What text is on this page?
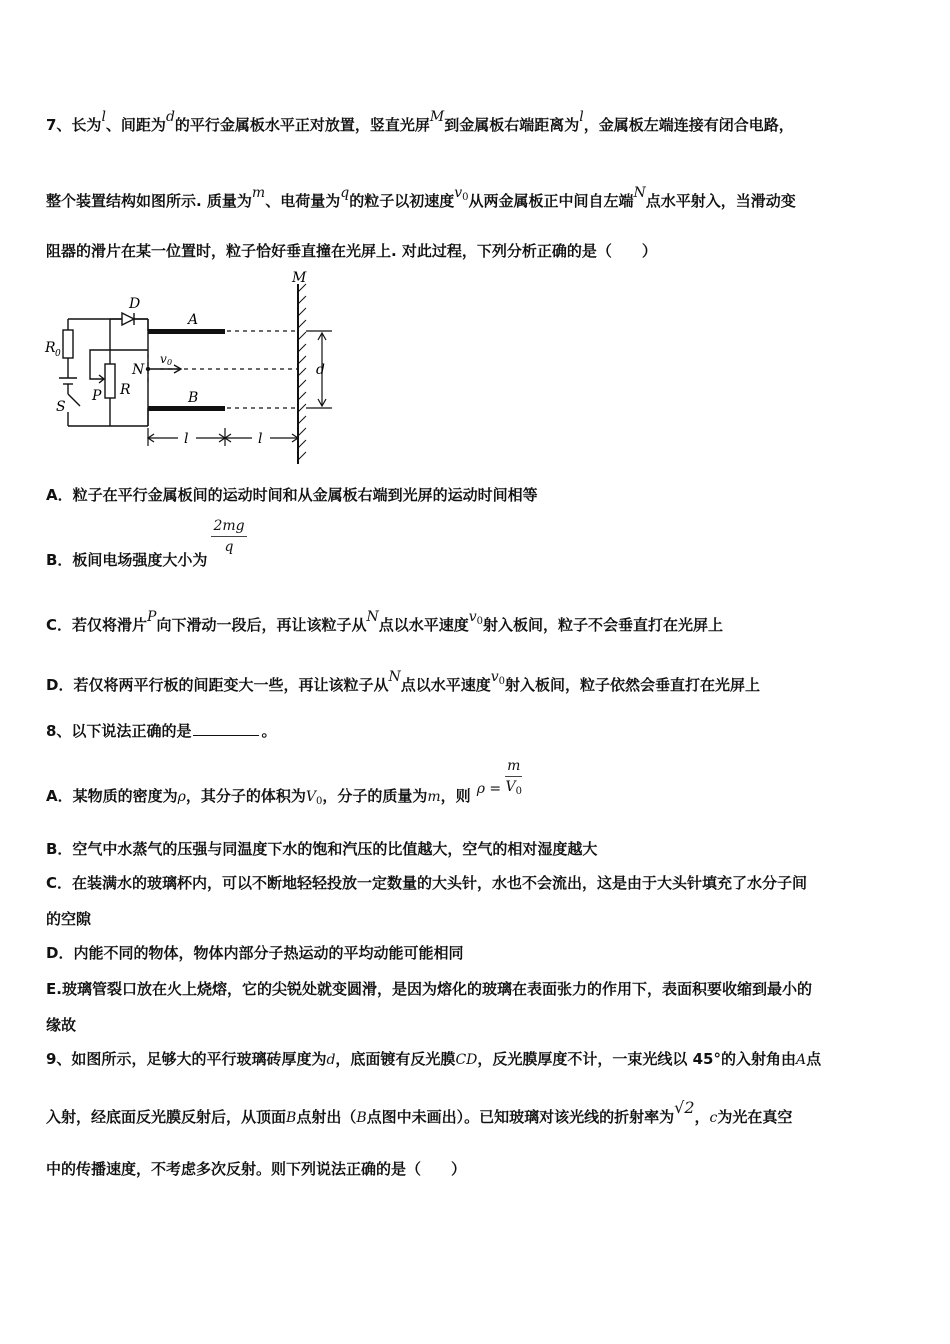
7、长为l、间距为d的平行金属板水平正对放置，竖直光屏M到金属板右端距离为l，金属板左端连接有闭合电路，
整个装置结构如图所示. 质量为m、电荷量为q的粒子以初速度$v_0$从两金属板正中间自左端N点水平射入，当滑动变
阻器的滑片在某一位置时，粒子恰好垂直撞在光屏上. 对此过程，下列分析正确的是（　　）
M
D
A
B
R 0
N
v 0
P R
S
d
l	l
A．粒子在平行金属板间的运动时间和从金属板右端到光屏的运动时间相等
B．板间电场强度大小为
$\frac{2mg}{q}$
C．若仅将滑片P向下滑动一段后，再让该粒子从N点以水平速度$v_0$射入板间，粒子不会垂直打在光屏上
D．若仅将两平行板的间距变大一些，再让该粒子从N点以水平速度$v_0$射入板间，粒子依然会垂直打在光屏上
8、以下说法正确的是	。
A．某物质的密度为ρ，其分子的体积为$V_0$，分子的质量为m，则 $\rho = \frac{m}{V_0}$
B．空气中水蒸气的压强与同温度下水的饱和汽压的比值越大，空气的相对湿度越大
C．在装满水的玻璃杯内，可以不断地轻轻投放一定数量的大头针，水也不会流出，这是由于大头针填充了水分子间
的空隙
D．内能不同的物体，物体内部分子热运动的平均动能可能相同
E.玻璃管裂口放在火上烧熔，它的尖锐处就变圆滑，是因为熔化的玻璃在表面张力的作用下，表面积要收缩到最小的
缘故
9、如图所示，足够大的平行玻璃砖厚度为d，底面镀有反光膜CD，反光膜厚度不计，一束光线以 45°的入射角由A点
入射，经底面反光膜反射后，从顶面B点射出（B点图中未画出）。已知玻璃对该光线的折射率为√2，c为光在真空
中的传播速度，不考虑多次反射。则下列说法正确的是（　　）
